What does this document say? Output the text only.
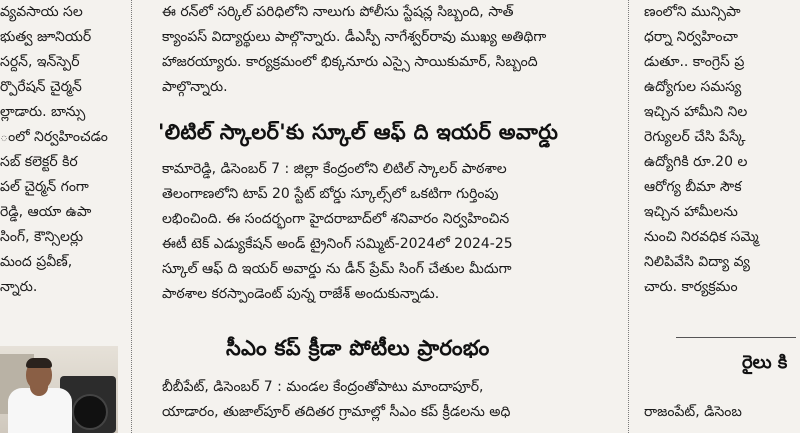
వ్యవసాయ సల
భుత్వ జూనియర్
సర్దన్, ఇన్‌స్పెర్
ర్పొరేషన్ చైర్మన్
ల్లాడారు. బాన్సు
ంలో నిర్వహించడం
సబ్ కలెక్టర్ కిర
పల్ చైర్మన్ గంగా
రెడ్డి, ఆయా ఉపా
సింగ్, కౌన్సిలర్లు
మంద ప్రవీణ్,
న్నారు.
ఈ రన్‌లో సర్కిల్ పరిధిలోని నాలుగు పోలీసు స్టేషన్ల సిబ్బంది, సాత్
క్యాంపస్ విద్యార్థులు పాల్గొన్నారు. డీఎస్పీ నాగేశ్వర్‌రావు ముఖ్య అతిథిగా
హాజరయ్యారు. కార్యక్రమంలో భిక్కనూరు ఎస్సై సాయికుమార్, సిబ్బంది
పాల్గొన్నారు.
'లిటిల్ స్కాలర్'కు స్కూల్ ఆఫ్ ది ఇయర్ అవార్డు
కామారెడ్డి, డిసెంబర్ 7 : జిల్లా కేంద్రంలోని లిటిల్ స్కాలర్ పాఠశాల
తెలంగాణలోని టాప్ 20 స్టేట్ బోర్డు స్కూల్స్‌లో ఒకటిగా గుర్తింపు
లభించింది. ఈ సందర్భంగా హైదరాబాద్‌లో శనివారం నిర్వహించిన
ఈటీ టెక్ ఎడ్యుకేషన్ అండ్ ట్రైనింగ్ సమ్మిట్-2024లో 2024-25
స్కూల్ ఆఫ్ ది ఇయర్ అవార్డు ను డీన్ ప్రేమ్ సింగ్ చేతుల మీదుగా
పాఠశాల కరస్పాండెంట్ పున్న రాజేశ్ అందుకున్నాడు.
సీఎం కప్ క్రీడా పోటీలు ప్రారంభం
బీబీపేట్, డిసెంబర్ 7 : మండల కేంద్రంతోపాటు మాందాపూర్,
యాడారం, తుజాల్‌పూర్ తదితర గ్రామాల్లో సీఎం కప్ క్రీడలను అధి
ణంలోని మున్సిపా
ధర్నా నిర్వహించా
డుతూ.. కాంగ్రెస్ ప్ర
ఉద్యోగుల సమస్య
ఇచ్చిన హామీని నిల
రెగ్యులర్ చేసి పేస్కే
ఉద్యోగికి రూ.20 ల
ఆరోగ్య బీమా సౌక
ఇచ్చిన హామీలను
నుంచి నిరవధిక సమ్మె
నిలిపివేసి విద్యా వ్య
చారు. కార్యక్రమం
రైలు కి
రాజంపేట్, డిసెంబ
